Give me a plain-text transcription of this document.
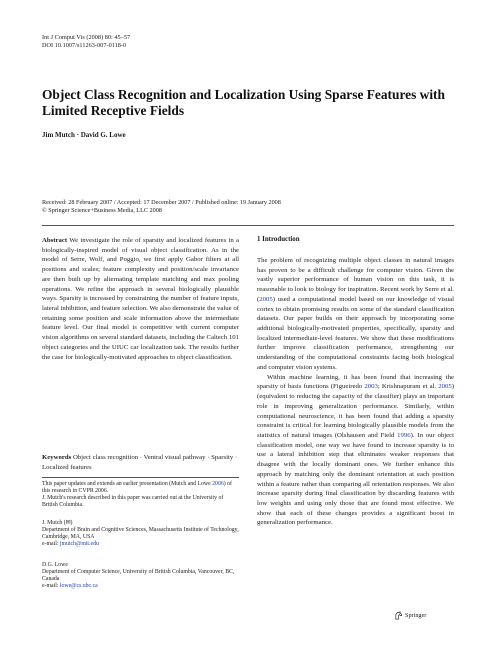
Int J Comput Vis (2008) 80: 45–57
DOI 10.1007/s11263-007-0118-0
Object Class Recognition and Localization Using Sparse Features with Limited Receptive Fields
Jim Mutch · David G. Lowe
Received: 28 February 2007 / Accepted: 17 December 2007 / Published online: 19 January 2008
© Springer Science+Business Media, LLC 2008
Abstract We investigate the role of sparsity and localized features in a biologically-inspired model of visual object classification. As in the model of Serre, Wolf, and Poggio, we first apply Gabor filters at all positions and scales; feature complexity and position/scale invariance are then built up by alternating template matching and max pooling operations. We refine the approach in several biologically plausible ways. Sparsity is increased by constraining the number of feature inputs, lateral inhibition, and feature selection. We also demonstrate the value of retaining some position and scale information above the intermediate feature level. Our final model is competitive with current computer vision algorithms on several standard datasets, including the Caltech 101 object categories and the UIUC car localization task. The results further the case for biologically-motivated approaches to object classification.
Keywords Object class recognition · Ventral visual pathway · Sparsity · Localized features
This paper updates and extends an earlier presentation (Mutch and Lowe 2006) of this research in CVPR 2006.
J. Mutch's research described in this paper was carried out at the University of British Columbia.
J. Mutch (✉)
Department of Brain and Cognitive Sciences, Massachusetts Institute of Technology, Cambridge, MA, USA
e-mail: jmutch@mit.edu
D.G. Lowe
Department of Computer Science, University of British Columbia, Vancouver, BC, Canada
e-mail: lowe@cs.ubc.ca
1 Introduction

The problem of recognizing multiple object classes in natural images has proven to be a difficult challenge for computer vision. Given the vastly superior performance of human vision on this task, it is reasonable to look to biology for inspiration. Recent work by Serre et al. (2005) used a computational model based on our knowledge of visual cortex to obtain promising results on some of the standard classification datasets. Our paper builds on their approach by incorporating some additional biologically-motivated properties, specifically, sparsity and localized intermediate-level features. We show that these modifications further improve classification performance, strengthening our understanding of the computational constraints facing both biological and computer vision systems.

Within machine learning, it has been found that increasing the sparsity of basis functions (Figueiredo 2003; Krishnapuram et al. 2005) (equivalent to reducing the capacity of the classifier) plays an important role in improving generalization performance. Similarly, within computational neuroscience, it has been found that adding a sparsity constraint is critical for learning biologically plausible models from the statistics of natural images (Olshausen and Field 1996). In our object classification model, one way we have found to increase sparsity is to use a lateral inhibition step that eliminates weaker responses that disagree with the locally dominant ones. We further enhance this approach by matching only the dominant orientation at each position within a feature rather than comparing all orientation responses. We also increase sparsity during final classification by discarding features with low weights and using only those that are found most effective. We show that each of these changes provides a significant boost in generalization performance.

Springer
